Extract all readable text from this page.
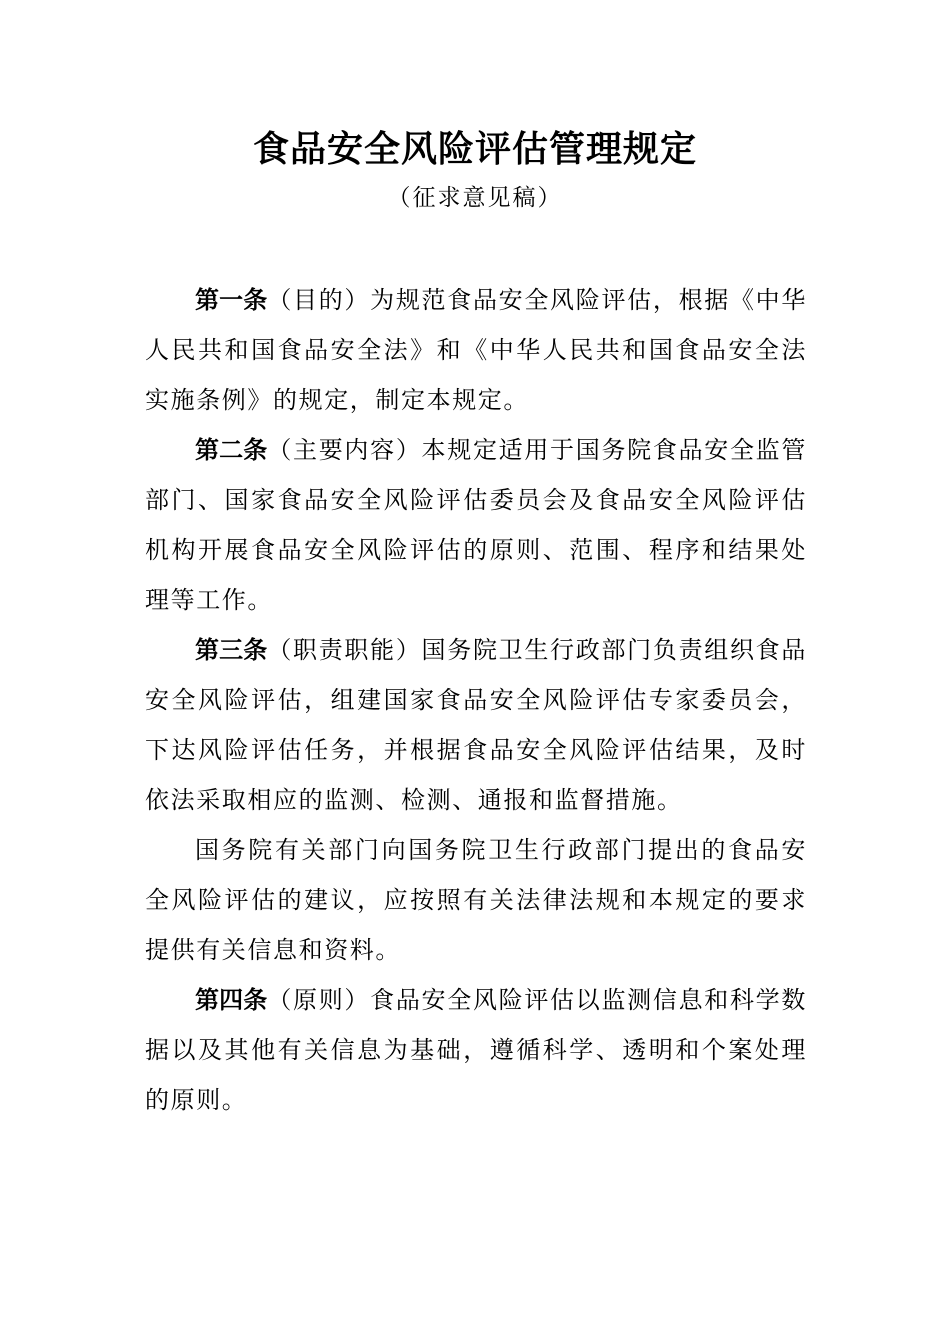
食品安全风险评估管理规定
（征求意见稿）

第一条（目的）为规范食品安全风险评估，根据《中华人民共和国食品安全法》和《中华人民共和国食品安全法实施条例》的规定，制定本规定。

第二条（主要内容）本规定适用于国务院食品安全监管部门、国家食品安全风险评估委员会及食品安全风险评估机构开展食品安全风险评估的原则、范围、程序和结果处理等工作。

第三条（职责职能）国务院卫生行政部门负责组织食品安全风险评估，组建国家食品安全风险评估专家委员会，下达风险评估任务，并根据食品安全风险评估结果，及时依法采取相应的监测、检测、通报和监督措施。

国务院有关部门向国务院卫生行政部门提出的食品安全风险评估的建议，应按照有关法律法规和本规定的要求提供有关信息和资料。

第四条（原则）食品安全风险评估以监测信息和科学数据以及其他有关信息为基础，遵循科学、透明和个案处理的原则。
